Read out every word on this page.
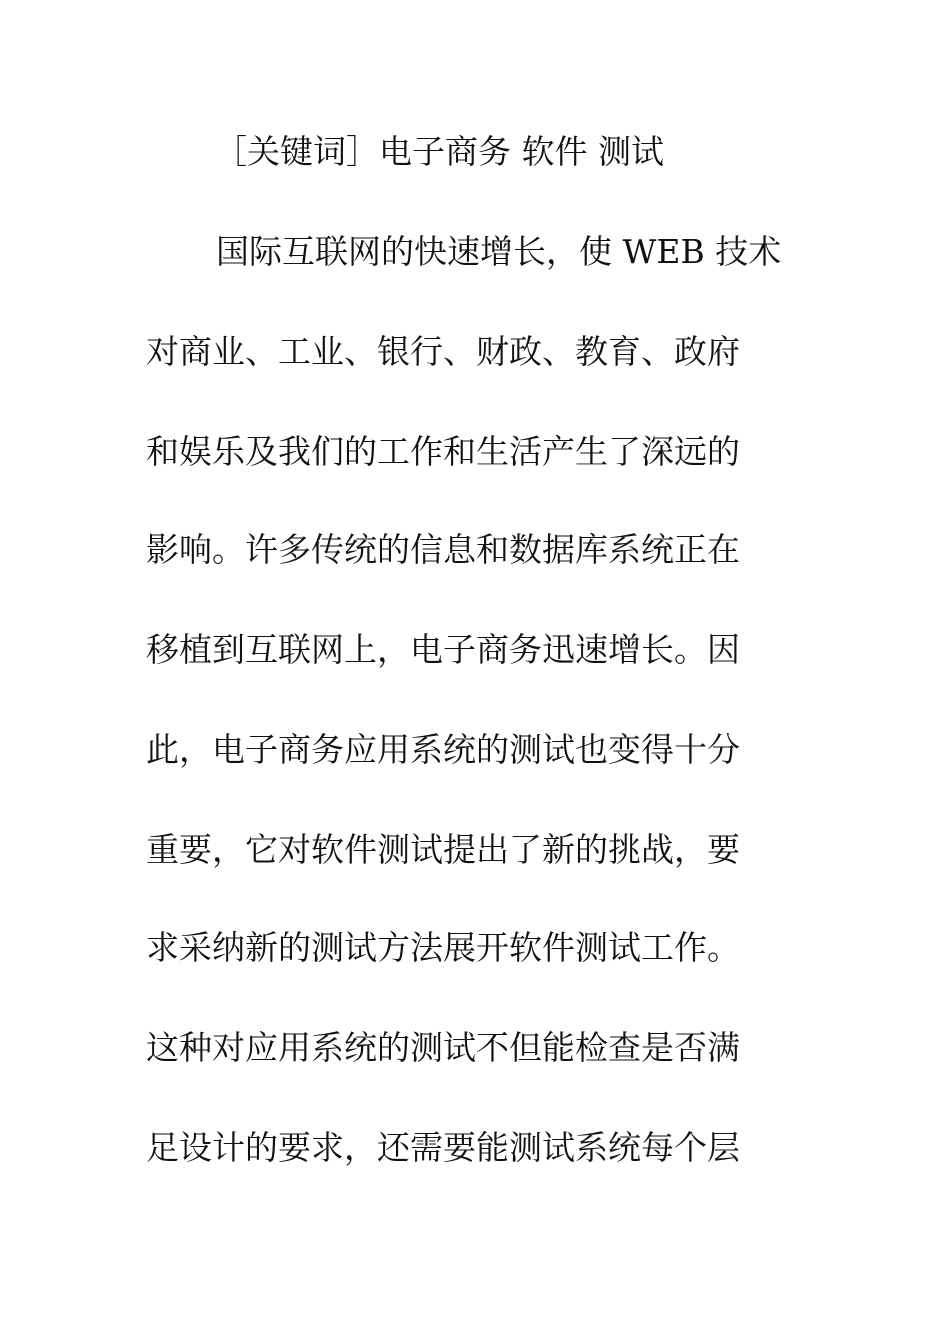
［关键词］电子商务 软件 测试
国际互联网的快速增长，使 WEB 技术
对商业、工业、银行、财政、教育、政府
和娱乐及我们的工作和生活产生了深远的
影响。许多传统的信息和数据库系统正在
移植到互联网上，电子商务迅速增长。因
此，电子商务应用系统的测试也变得十分
重要，它对软件测试提出了新的挑战，要
求采纳新的测试方法展开软件测试工作。
这种对应用系统的测试不但能检查是否满
足设计的要求，还需要能测试系统每个层
